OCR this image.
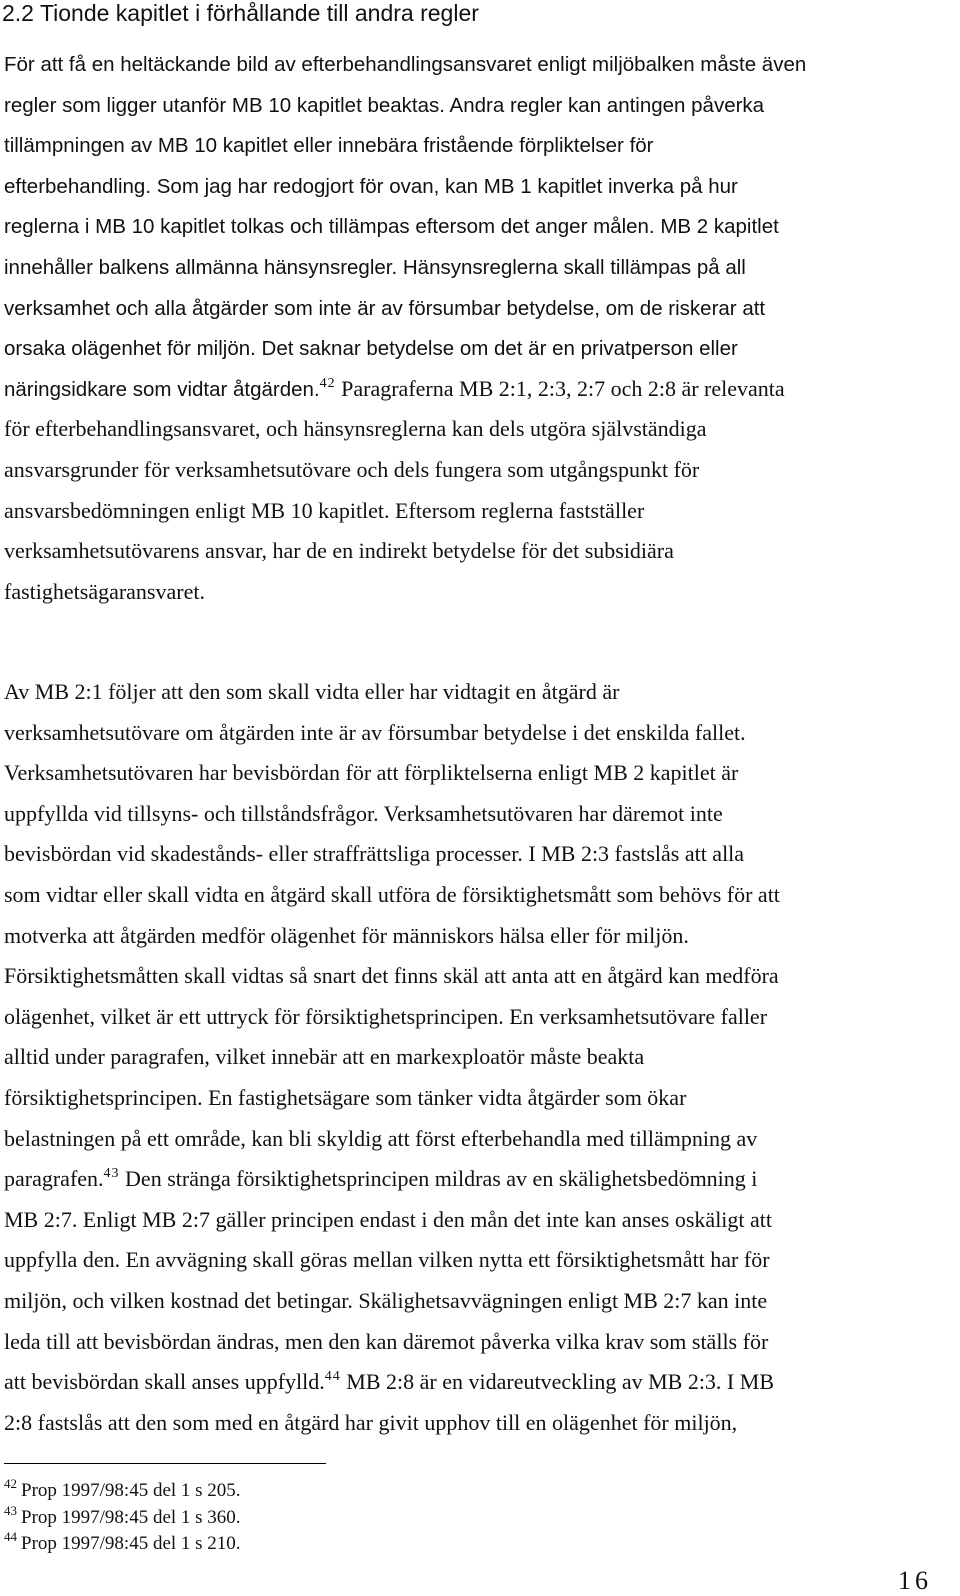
2.2 Tionde kapitlet i förhållande till andra regler

För att få en heltäckande bild av efterbehandlingsansvaret enligt miljöbalken måste även
regler som ligger utanför MB 10 kapitlet beaktas. Andra regler kan antingen påverka
tillämpningen av MB 10 kapitlet eller innebära fristående förpliktelser för
efterbehandling. Som jag har redogjort för ovan, kan MB 1 kapitlet inverka på hur
reglerna i MB 10 kapitlet tolkas och tillämpas eftersom det anger målen. MB 2 kapitlet
innehåller balkens allmänna hänsynsregler. Hänsynsreglerna skall tillämpas på all
verksamhet och alla åtgärder som inte är av försumbar betydelse, om de riskerar att
orsaka olägenhet för miljön. Det saknar betydelse om det är en privatperson eller
näringsidkare som vidtar åtgärden.$^{42}$ Paragraferna MB 2:1, 2:3, 2:7 och 2:8 är relevanta
för efterbehandlingsansvaret, och hänsynsreglerna kan dels utgöra självständiga
ansvarsgrunder för verksamhetsutövare och dels fungera som utgångspunkt för
ansvarsbedömningen enligt MB 10 kapitlet. Eftersom reglerna fastställer
verksamhetsutövarens ansvar, har de en indirekt betydelse för det subsidiära
fastighetsägaransvaret.

Av MB 2:1 följer att den som skall vidta eller har vidtagit en åtgärd är
verksamhetsutövare om åtgärden inte är av försumbar betydelse i det enskilda fallet.
Verksamhetsutövaren har bevisbördan för att förpliktelserna enligt MB 2 kapitlet är
uppfyllda vid tillsyns- och tillståndsfrågor. Verksamhetsutövaren har däremot inte
bevisbördan vid skadestånds- eller straffrättsliga processer. I MB 2:3 fastslås att alla
som vidtar eller skall vidta en åtgärd skall utföra de försiktighetsmått som behövs för att
motverka att åtgärden medför olägenhet för människors hälsa eller för miljön.
Försiktighetsmåtten skall vidtas så snart det finns skäl att anta att en åtgärd kan medföra
olägenhet, vilket är ett uttryck för försiktighetsprincipen. En verksamhetsutövare faller
alltid under paragrafen, vilket innebär att en markexploatör måste beakta
försiktighetsprincipen. En fastighetsägare som tänker vidta åtgärder som ökar
belastningen på ett område, kan bli skyldig att först efterbehandla med tillämpning av
paragrafen.$^{43}$ Den stränga försiktighetsprincipen mildras av en skälighetsbedömning i
MB 2:7. Enligt MB 2:7 gäller principen endast i den mån det inte kan anses oskäligt att
uppfylla den. En avvägning skall göras mellan vilken nytta ett försiktighetsmått har för
miljön, och vilken kostnad det betingar. Skälighetsavvägningen enligt MB 2:7 kan inte
leda till att bevisbördan ändras, men den kan däremot påverka vilka krav som ställs för
att bevisbördan skall anses uppfylld.$^{44}$ MB 2:8 är en vidareutveckling av MB 2:3. I MB
2:8 fastslås att den som med en åtgärd har givit upphov till en olägenhet för miljön,

$^{42}$ Prop 1997/98:45 del 1 s 205.
$^{43}$ Prop 1997/98:45 del 1 s 360.
$^{44}$ Prop 1997/98:45 del 1 s 210.
16
